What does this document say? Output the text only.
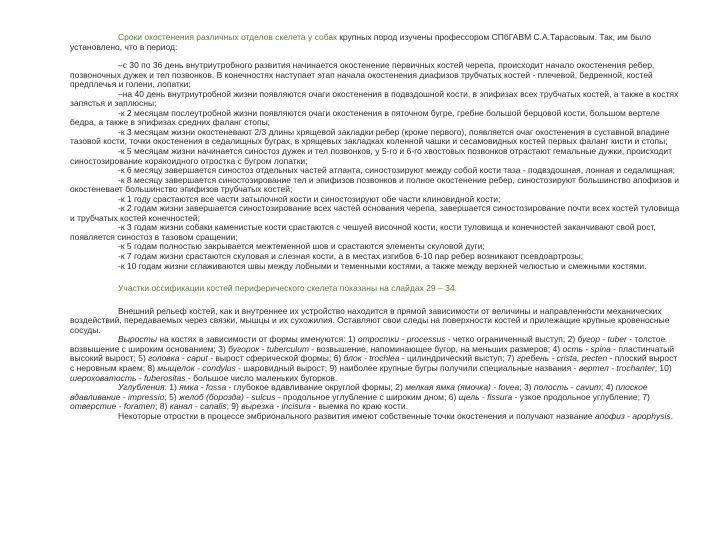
Сроки окостенения различных отделов скелета у собак крупных пород изучены профессором СПбГАВМ С.А.Тарасовым. Так, им было установлено, что в период:

–с 30 по 36 день внутриутробного развития начинается окостенение первичных костей черепа, происходит начало окостенения ребер, позвоночных дужек и тел позвонков. В конечностях наступает этап начала окостенения диафизов трубчатых костей - плечевой, бедренной, костей предплечья и голени, лопатки;

–на 40 день внутриутробной жизни появляются очаги окостенения в подвздошной кости, в эпифизах всех трубчатых костей, а также в костях запястья и заплюсны;

-к 2 месяцам послеутробной жизни появляются очаги окостенения в пяточном бугре, гребне большой берцовой кости, большом вертеле бедра, а также в эпифизах средних фаланг стопы;

-к 3 месяцам жизни окостеневают 2/3 длины хрящевой закладки ребер (кроме первого), появляется очаг окостенения в суставной впадине тазовой кости, точки окостенения в седалищных буграх, в хрящевых закладках коленной чашки и сесамовидных костей первых фаланг кисти и стопы;

-к 5 месяцам жизни начинается синостоз дужек и тел позвонков, у 5-го и 6-го хвостовых позвонков отрастают гемальные дужки, происходит синостозирование коракоидного отростка с бугром лопатки;

-к 6 месяцу завершается синостоз отдельных частей атланта, синостозируют между собой кости таза - подвздошная, лонная и седалищная;

-к 8 месяцу завершается синостозирование тел и эпифизов позвонков и полное окостенение ребер, синостозируют большинство апофизов и окостеневает большинство эпифизов трубчатых костей;

-к 1 году срастаются все части затылочной кости и синостозируют обе части клиновидной кости;

-к 2 годам жизни завершается синостозирование всех частей основания черепа, завершается синостозирование почти всех костей туловища и трубчатых костей конечностей;

-к 3 годам жизни собаки каменистые кости срастаются с чешуей височной кости, кости туловища и конечностей заканчивают свой рост, появляется синостоз в тазовом сращении;

-к 5 годам полностью закрывается межтеменной шов и срастаются элементы скуловой дуги;

-к 7 годам жизни срастаются скуловая и слезная кости, а в местах изгибов 6-10 пар ребер возникают псевдоартрозы;

-к 10 годам жизни сглаживаются швы между лобными и теменными костями, а также между верхней челюстью и смежными костями.

Участки оссификации костей периферического скелета показаны на слайдах 29 – 34.

Внешний рельеф костей, как и внутреннее их устройство находится в прямой зависимости от величины и направленности механических воздействий, передаваемых через связки, мышцы и их сухожилия. Оставляют свои следы на поверхности костей и прилежащие крупные кровеносные сосуды.

Выросты на костях в зависимости от формы именуются: 1) отростки - processus - четко ограниченный выступ; 2) бугор - tuber - толстое возвышение с широким основанием; 3) бугорок - tuberculum - возвышение, напоминающее бугор, на меньших размеров; 4) ость - spina - пластинчатый высокий вырост; 5) головка - caput - вырост сферической формы; 6) блок - trochlea - цилиндрический выступ; 7) гребень - crista, pecten - плоский вырост с неровным краем; 8) мыщелок - condylus - шаровидный вырост; 9) наиболее крупные бугры получили специальные названия - вертел - trochanter; 10) шероховатость - fuberositas - большое число маленьких бугорков.

Углубления: 1) ямка - fossa - глубокое вдавливание округлой формы; 2) мелкая ямка (ямочка) - fovea; 3) полость - cavum; 4) плоское вдавливание - impressio; 5) желоб (борозда) - sulcus - продольное углубление с широким дном; 6) щель - fissura - узкое продольное углубление; 7) отверстие - foramen; 8) канал - canalis; 9) вырезка - incisura - выемка по краю кости.

Некоторые отростки в процессе эмбрионального развития имеют собственные точки окостенения и получают название апофиз - apophysis.
